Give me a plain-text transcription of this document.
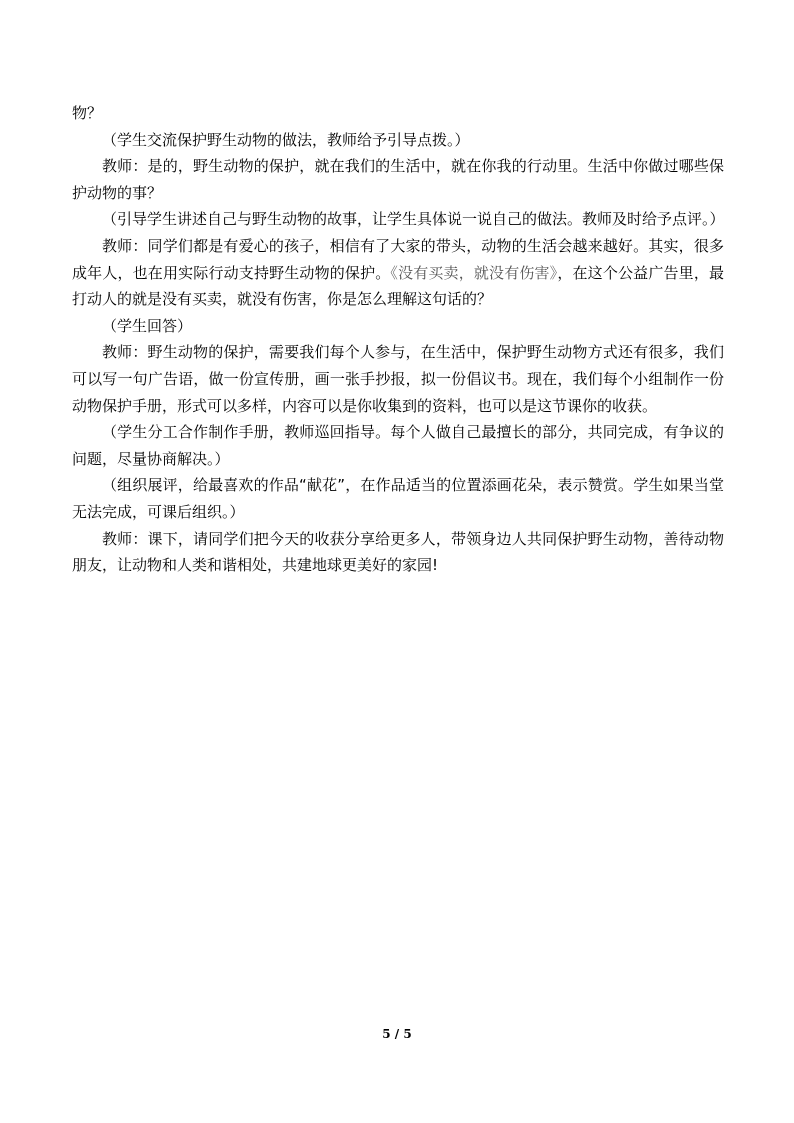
物？

（学生交流保护野生动物的做法，教师给予引导点拨。）

教师：是的，野生动物的保护，就在我们的生活中，就在你我的行动里。生活中你做过哪些保护动物的事？

（引导学生讲述自己与野生动物的故事，让学生具体说一说自己的做法。教师及时给予点评。）

教师：同学们都是有爱心的孩子，相信有了大家的带头，动物的生活会越来越好。其实，很多成年人，也在用实际行动支持野生动物的保护。《没有买卖，就没有伤害》，在这个公益广告里，最打动人的就是没有买卖，就没有伤害，你是怎么理解这句话的？

（学生回答）

教师：野生动物的保护，需要我们每个人参与，在生活中，保护野生动物方式还有很多，我们可以写一句广告语，做一份宣传册，画一张手抄报，拟一份倡议书。现在，我们每个小组制作一份动物保护手册，形式可以多样，内容可以是你收集到的资料，也可以是这节课你的收获。

（学生分工合作制作手册，教师巡回指导。每个人做自己最擅长的部分，共同完成，有争议的问题，尽量协商解决。）

（组织展评，给最喜欢的作品“献花”，在作品适当的位置添画花朵，表示赞赏。学生如果当堂无法完成，可课后组织。）

教师：课下，请同学们把今天的收获分享给更多人，带领身边人共同保护野生动物，善待动物朋友，让动物和人类和谐相处，共建地球更美好的家园!

5 / 5
